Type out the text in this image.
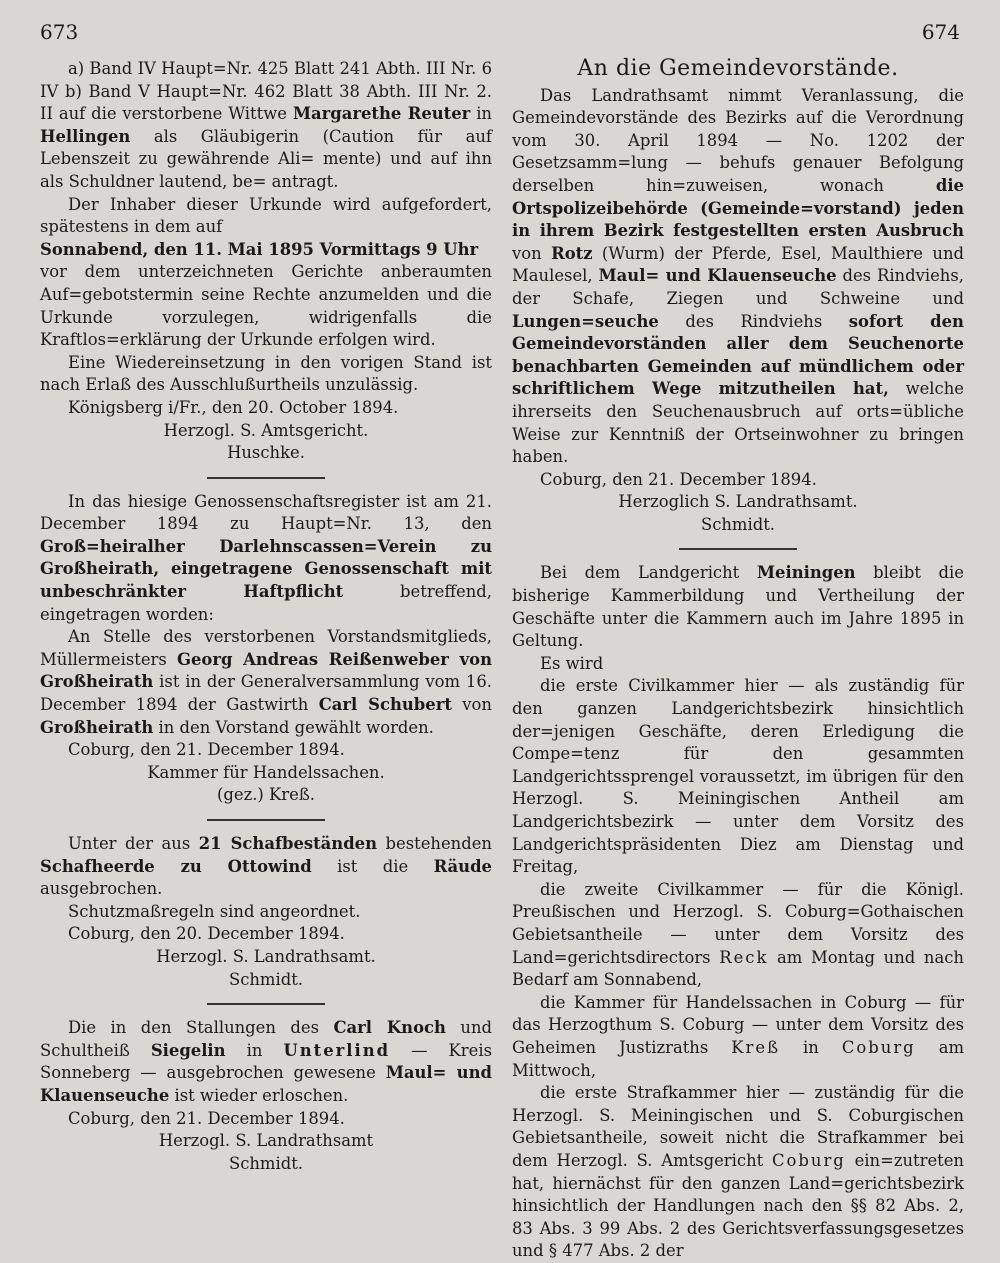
673	674

a) Band IV Haupt=Nr. 425 Blatt 241 Abth. III Nr. 6 IV b) Band V Haupt=Nr. 462 Blatt 38 Abth. III Nr. 2. II auf die verstorbene Wittwe Margarethe Reuter in Hellingen als Gläubigerin (Caution für auf Lebenszeit zu gewährende Ali= mente) und auf ihn als Schuldner lautend, be= antragt.

Der Inhaber dieser Urkunde wird aufgefordert, spätestens in dem auf

Sonnabend, den 11. Mai 1895 Vormittags 9 Uhr

vor dem unterzeichneten Gerichte anberaumten Auf=gebotstermin seine Rechte anzumelden und die Urkunde vorzulegen, widrigenfalls die Kraftlos=erklärung der Urkunde erfolgen wird.

Eine Wiedereinsetzung in den vorigen Stand ist nach Erlaß des Ausschlußurtheils unzulässig.

Königsberg i/Fr., den 20. October 1894.

Herzogl. S. Amtsgericht.

Huschke.

In das hiesige Genossenschaftsregister ist am 21. December 1894 zu Haupt=Nr. 13, den Groß=heiralher Darlehnscassen=Verein zu Großheirath, eingetragene Genossenschaft mit unbeschränkter Haftpflicht betreffend, eingetragen worden:

An Stelle des verstorbenen Vorstandsmitglieds, Müllermeisters Georg Andreas Reißenweber von Großheirath ist in der Generalversammlung vom 16. December 1894 der Gastwirth Carl Schubert von Großheirath in den Vorstand gewählt worden.

Coburg, den 21. December 1894.

Kammer für Handelssachen.

(gez.) Kreß.

Unter der aus 21 Schafbeständen bestehenden Schafheerde zu Ottowind ist die Räude ausgebrochen.

Schutzmaßregeln sind angeordnet.

Coburg, den 20. December 1894.

Herzogl. S. Landrathsamt.

Schmidt.

Die in den Stallungen des Carl Knoch und Schultheiß Siegelin in Unterlind — Kreis Sonneberg — ausgebrochen gewesene Maul= und Klauenseuche ist wieder erloschen.

Coburg, den 21. December 1894.

Herzogl. S. Landrathsamt

Schmidt.

An die Gemeindevorstände.

Das Landrathsamt nimmt Veranlassung, die Gemeindevorstände des Bezirks auf die Verordnung vom 30. April 1894 — No. 1202 der Gesetzsamm=lung — behufs genauer Befolgung derselben hin=zuweisen, wonach die Ortspolizeibehörde (Gemeinde=vorstand) jeden in ihrem Bezirk festgestellten ersten Ausbruch von Rotz (Wurm) der Pferde, Esel, Maulthiere und Maulesel, Maul= und Klauenseuche des Rindviehs, der Schafe, Ziegen und Schweine und Lungen=seuche des Rindviehs sofort den Gemeindevorständen aller dem Seuchenorte benachbarten Gemeinden auf mündlichem oder schriftlichem Wege mitzutheilen hat, welche ihrerseits den Seuchenausbruch auf orts=übliche Weise zur Kenntniß der Ortseinwohner zu bringen haben.

Coburg, den 21. December 1894.

Herzoglich S. Landrathsamt.

Schmidt.

Bei dem Landgericht Meiningen bleibt die bisherige Kammerbildung und Vertheilung der Geschäfte unter die Kammern auch im Jahre 1895 in Geltung.

Es wird

die erste Civilkammer hier — als zuständig für den ganzen Landgerichtsbezirk hinsichtlich der=jenigen Geschäfte, deren Erledigung die Compe=tenz für den gesammten Landgerichtssprengel voraussetzt, im übrigen für den Herzogl. S. Meiningischen Antheil am Landgerichtsbezirk — unter dem Vorsitz des Landgerichtspräsidenten Diez am Dienstag und Freitag,

die zweite Civilkammer — für die Königl. Preußischen und Herzogl. S. Coburg=Gothaischen Gebietsantheile — unter dem Vorsitz des Land=gerichtsdirectors Reck am Montag und nach Bedarf am Sonnabend,

die Kammer für Handelssachen in Coburg — für das Herzogthum S. Coburg — unter dem Vorsitz des Geheimen Justizraths Kreß in Coburg am Mittwoch,

die erste Strafkammer hier — zuständig für die Herzogl. S. Meiningischen und S. Coburgischen Gebietsantheile, soweit nicht die Strafkammer bei dem Herzogl. S. Amtsgericht Coburg ein=zutreten hat, hiernächst für den ganzen Land=gerichtsbezirk hinsichtlich der Handlungen nach den §§ 82 Abs. 2, 83 Abs. 3 99 Abs. 2 des Gerichtsverfassungsgesetzes und § 477 Abs. 2 der
